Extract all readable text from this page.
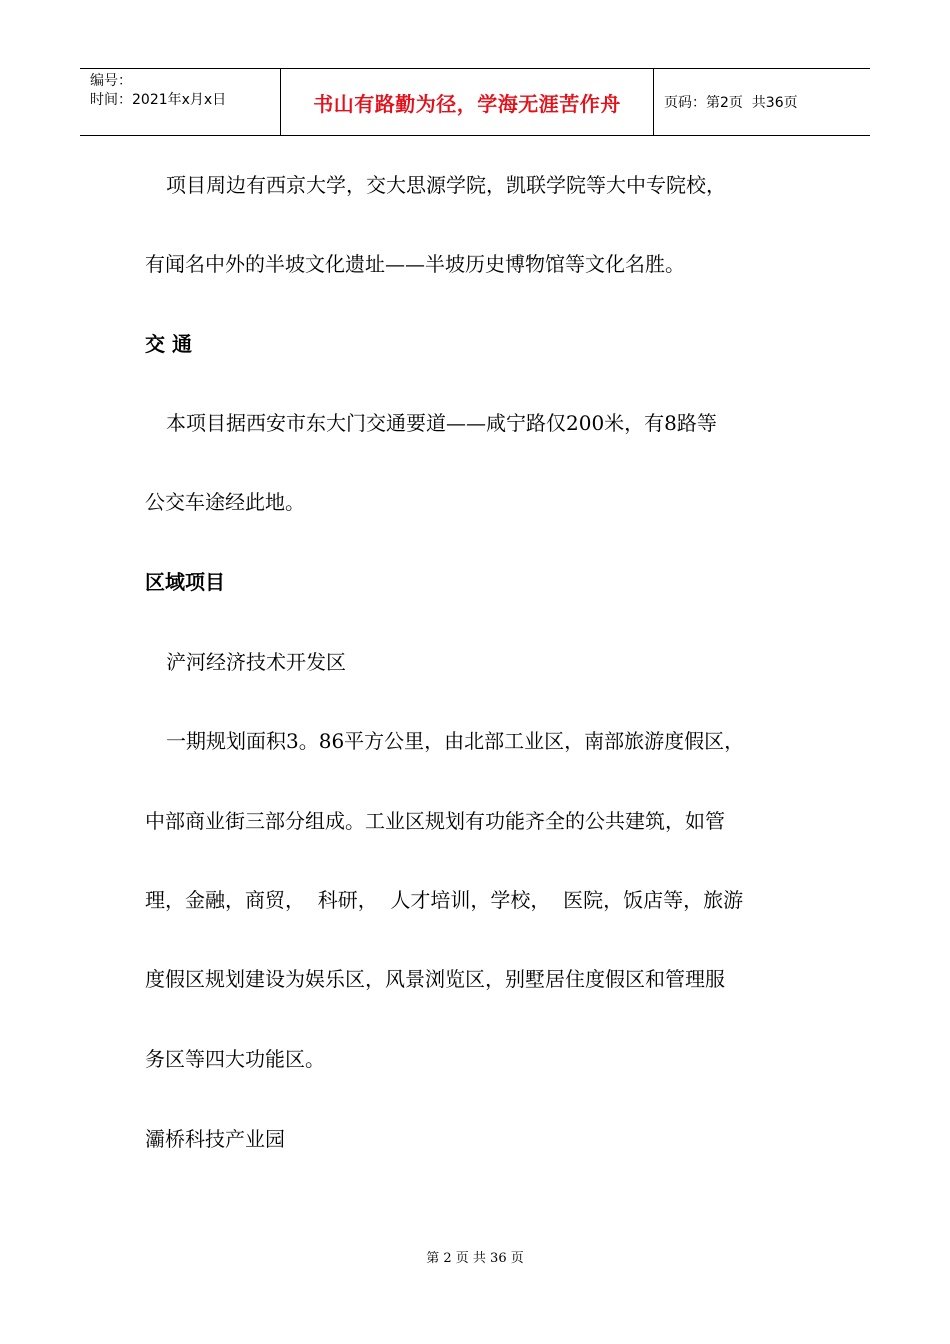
编号：
时间：2021年x月x日	书山有路勤为径，学海无涯苦作舟	页码：第2页  共36页
项目周边有西京大学，交大思源学院，凯联学院等大中专院校，
有闻名中外的半坡文化遗址——半坡历史博物馆等文化名胜。
交 通
本项目据西安市东大门交通要道——咸宁路仅200米，有8路等
公交车途经此地。
区域项目
浐河经济技术开发区
一期规划面积3。86平方公里，由北部工业区，南部旅游度假区，
中部商业街三部分组成。工业区规划有功能齐全的公共建筑，如管
理，金融，商贸，  科研，  人才培训，学校，  医院，饭店等，旅游
度假区规划建设为娱乐区，风景浏览区，别墅居住度假区和管理服
务区等四大功能区。
灞桥科技产业园
第 2 页 共 36 页
